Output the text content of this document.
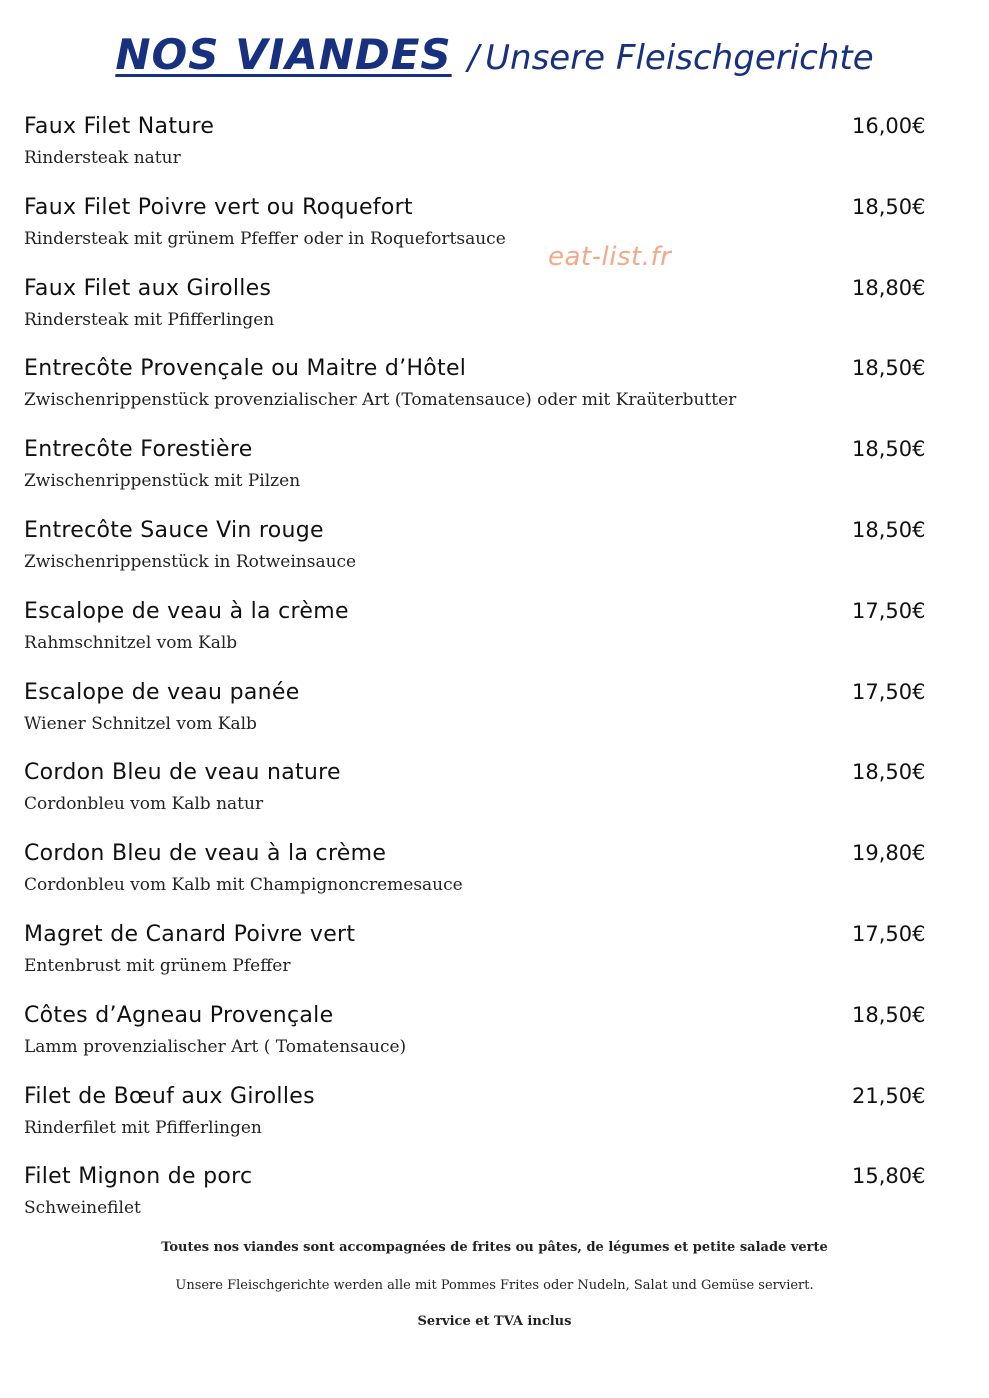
NOS VIANDES / Unsere Fleischgerichte
eat-list.fr
Faux Filet Nature
Rindersteak natur
16,00€
Faux Filet Poivre vert ou Roquefort
Rindersteak mit grünem Pfeffer oder in Roquefortsauce
18,50€
Faux Filet aux Girolles
Rindersteak mit Pfifferlingen
18,80€
Entrecôte Provençale ou Maitre d’Hôtel
Zwischenrippenstück provenzialischer Art (Tomatensauce) oder mit Kraüterbutter
18,50€
Entrecôte Forestière
Zwischenrippenstück mit Pilzen
18,50€
Entrecôte Sauce Vin rouge
Zwischenrippenstück in Rotweinsauce
18,50€
Escalope de veau à la crème
Rahmschnitzel vom Kalb
17,50€
Escalope de veau panée
Wiener Schnitzel vom Kalb
17,50€
Cordon Bleu de veau nature
Cordonbleu vom Kalb natur
18,50€
Cordon Bleu de veau à la crème
Cordonbleu vom Kalb mit Champignoncremesauce
19,80€
Magret de Canard Poivre vert
Entenbrust mit grünem Pfeffer
17,50€
Côtes d’Agneau Provençale
Lamm provenzialischer Art ( Tomatensauce)
18,50€
Filet de Bœuf aux Girolles
Rinderfilet mit Pfifferlingen
21,50€
Filet Mignon de porc
Schweinefilet
15,80€
Toutes nos viandes sont accompagnées de frites ou pâtes, de légumes et petite salade verte
Unsere Fleischgerichte werden alle mit Pommes Frites oder Nudeln, Salat und Gemüse serviert.
Service et TVA inclus
